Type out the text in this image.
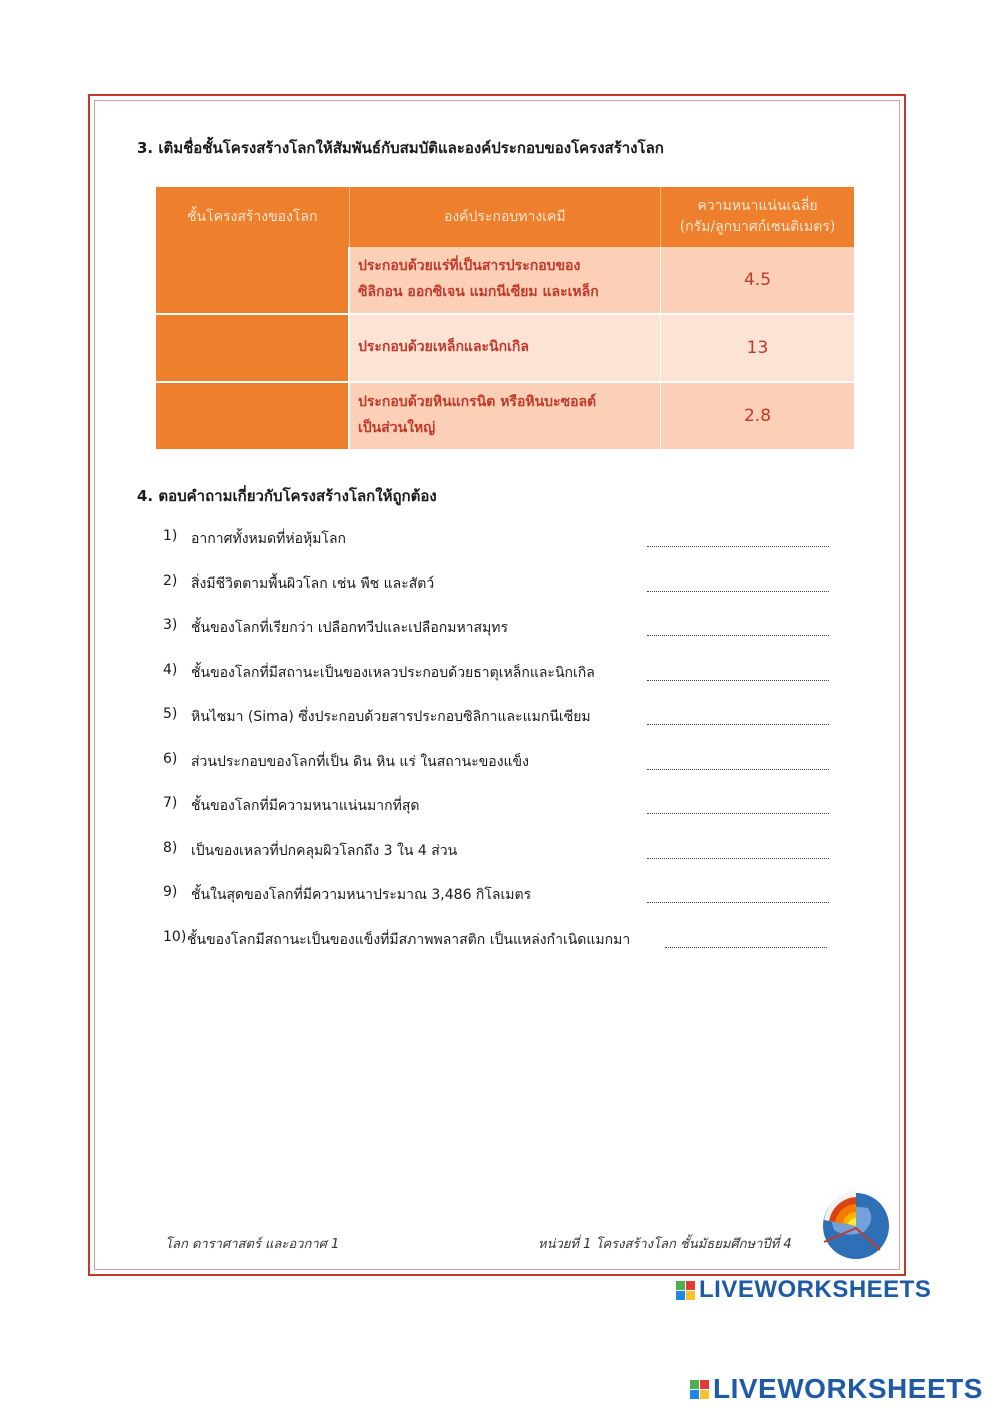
3. เติมชื่อชั้นโครงสร้างโลกให้สัมพันธ์กับสมบัติและองค์ประกอบของโครงสร้างโลก
ชั้นโครงสร้างของโลก	องค์ประกอบทางเคมี	ความหนาแน่นเฉลี่ย
(กรัม/ลูกบาศก์เซนติเมตร)
	ประกอบด้วยแร่ที่เป็นสารประกอบของ
ซิลิกอน ออกซิเจน แมกนีเซียม และเหล็ก	4.5
	ประกอบด้วยเหล็กและนิกเกิล	13
	ประกอบด้วยหินแกรนิต หรือหินบะซอลต์
เป็นส่วนใหญ่	2.8
4. ตอบคำถามเกี่ยวกับโครงสร้างโลกให้ถูกต้อง
1) อากาศทั้งหมดที่ห่อหุ้มโลก
2) สิ่งมีชีวิตตามพื้นผิวโลก เช่น พืช และสัตว์
3) ชั้นของโลกที่เรียกว่า เปลือกทวีปและเปลือกมหาสมุทร
4) ชั้นของโลกที่มีสถานะเป็นของเหลวประกอบด้วยธาตุเหล็กและนิกเกิล
5) หินไซมา (Sima) ซึ่งประกอบด้วยสารประกอบซิลิกาและแมกนีเซียม
6) ส่วนประกอบของโลกที่เป็น ดิน หิน แร่ ในสถานะของแข็ง
7) ชั้นของโลกที่มีความหนาแน่นมากที่สุด
8) เป็นของเหลวที่ปกคลุมผิวโลกถึง 3 ใน 4 ส่วน
9) ชั้นในสุดของโลกที่มีความหนาประมาณ 3,486 กิโลเมตร
10) ชั้นของโลกมีสถานะเป็นของแข็งที่มีสภาพพลาสติก เป็นแหล่งกำเนิดแมกมา
โลก ดาราศาสตร์ และอวกาศ 1	หน่วยที่ 1 โครงสร้างโลก ชั้นมัธยมศึกษาปีที่ 4
LIVEWORKSHEETS
LIVEWORKSHEETS
